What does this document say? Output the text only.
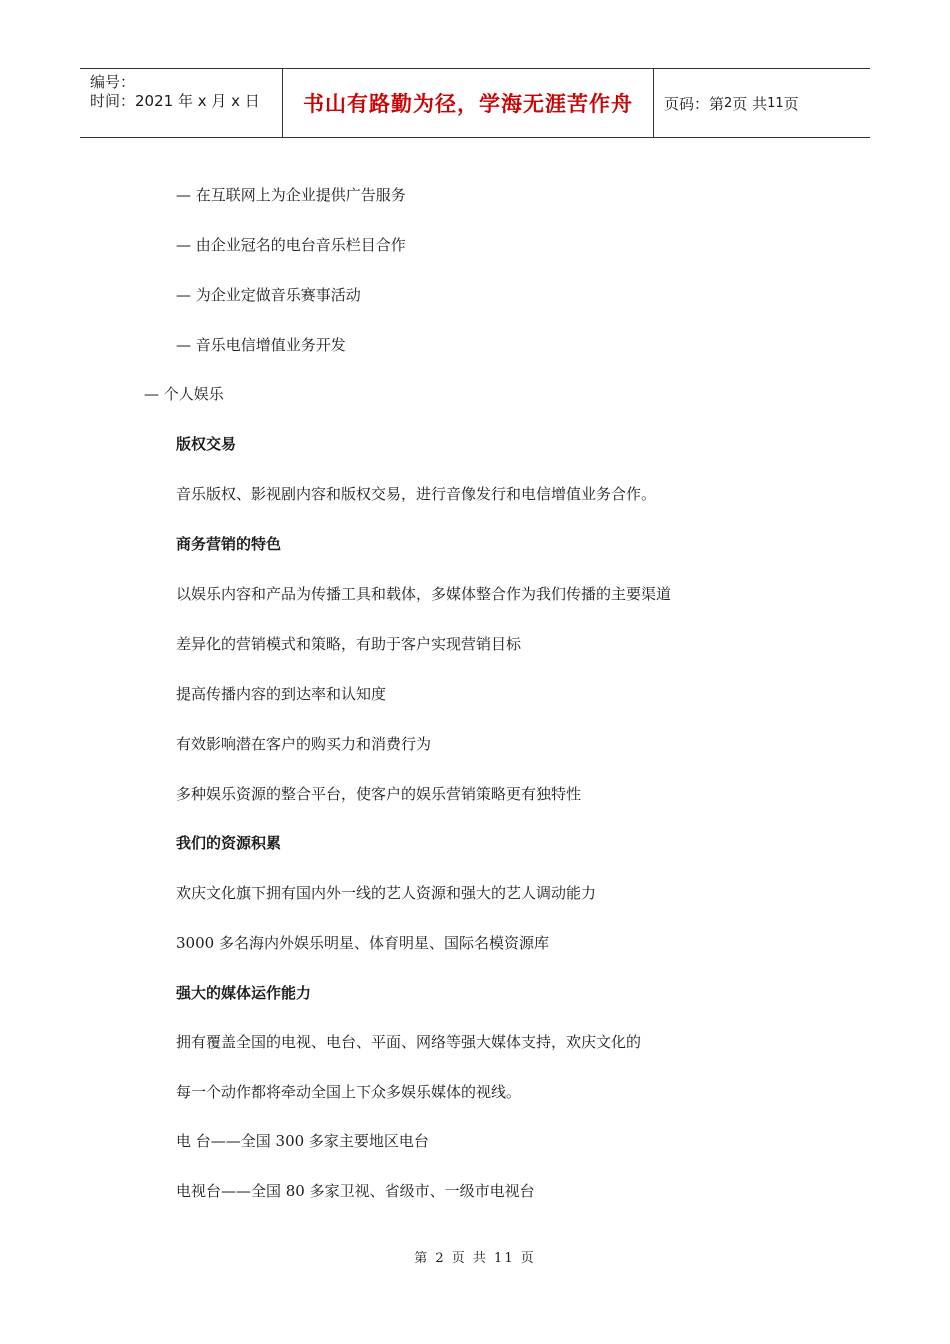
编号：
时间：2021 年 x 月 x 日	书山有路勤为径，学海无涯苦作舟 页码：第 2 页 共 11 页
— 在互联网上为企业提供广告服务
— 由企业冠名的电台音乐栏目合作
— 为企业定做音乐赛事活动
— 音乐电信增值业务开发
— 个人娱乐
版权交易
音乐版权、影视剧内容和版权交易，进行音像发行和电信增值业务合作。
商务营销的特色
以娱乐内容和产品为传播工具和载体，多媒体整合作为我们传播的主要渠道
差异化的营销模式和策略，有助于客户实现营销目标
提高传播内容的到达率和认知度
有效影响潜在客户的购买力和消费行为
多种娱乐资源的整合平台，使客户的娱乐营销策略更有独特性
我们的资源积累
欢庆文化旗下拥有国内外一线的艺人资源和强大的艺人调动能力
3000 多名海内外娱乐明星、体育明星、国际名模资源库
强大的媒体运作能力
拥有覆盖全国的电视、电台、平面、网络等强大媒体支持，欢庆文化的
每一个动作都将牵动全国上下众多娱乐媒体的视线。
电 台——全国 300 多家主要地区电台
电视台——全国 80 多家卫视、省级市、一级市电视台
第 2 页 共 11 页
